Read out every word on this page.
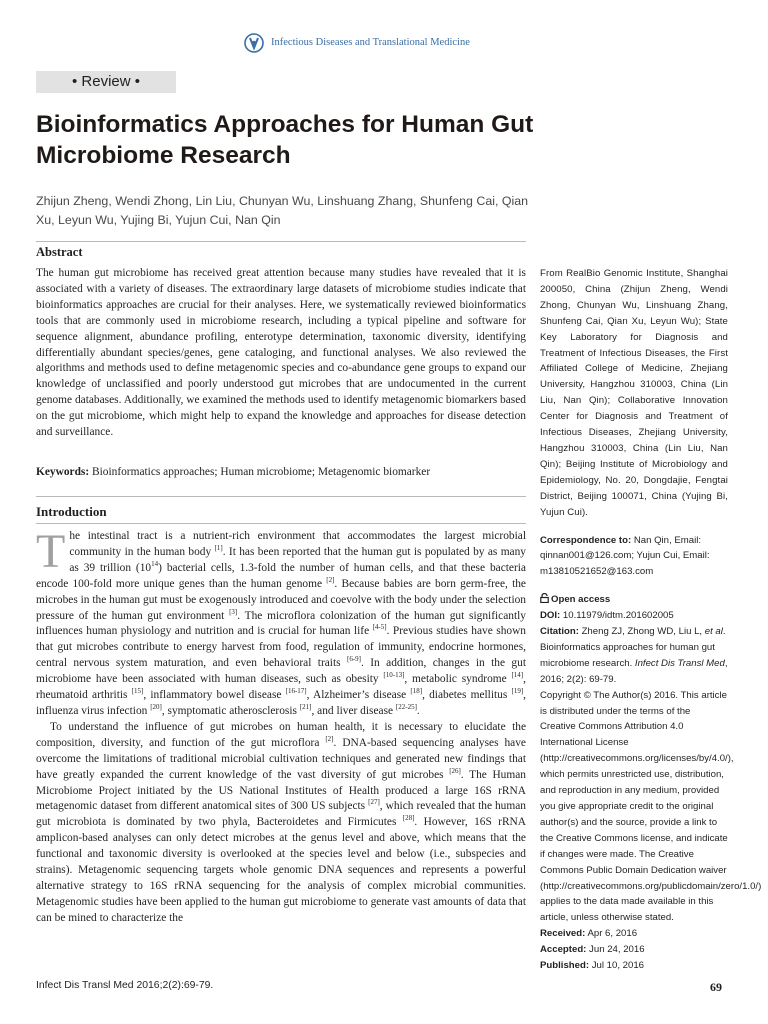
Infectious Diseases and Translational Medicine
• Review •
Bioinformatics Approaches for Human Gut Microbiome Research
Zhijun Zheng, Wendi Zhong, Lin Liu, Chunyan Wu, Linshuang Zhang, Shunfeng Cai, Qian Xu, Leyun Wu, Yujing Bi, Yujun Cui, Nan Qin
Abstract
The human gut microbiome has received great attention because many studies have revealed that it is associated with a variety of diseases. The extraordinary large datasets of microbiome studies indicate that bioinformatics approaches are crucial for their analyses. Here, we systematically reviewed bioinformatics tools that are commonly used in microbiome research, including a typical pipeline and software for sequence alignment, abundance profiling, enterotype determination, taxonomic diversity, identifying differentially abundant species/genes, gene cataloging, and functional analyses. We also reviewed the algorithms and methods used to define metagenomic species and co-abundance gene groups to expand our knowledge of unclassified and poorly understood gut microbes that are undocumented in the current genome databases. Additionally, we examined the methods used to identify metagenomic biomarkers based on the gut microbiome, which might help to expand the knowledge and approaches for disease detection and surveillance.
Keywords: Bioinformatics approaches; Human microbiome; Metagenomic biomarker
Introduction

The intestinal tract is a nutrient-rich environment that accommodates the largest microbial community in the human body [1]. It has been reported that the human gut is populated by as many as 39 trillion $(10^{14})$ bacterial cells, 1.3-fold the number of human cells, and that these bacteria encode 100-fold more unique genes than the human genome [2]. Because babies are born germ-free, the microbes in the human gut must be exogenously introduced and coevolve with the body under the selection pressure of the human gut environment [3]. The microflora colonization of the human gut significantly influences human physiology and nutrition and is crucial for human life [4-5]. Previous studies have shown that gut microbes contribute to energy harvest from food, regulation of immunity, endocrine hormones, central nervous system maturation, and even behavioral traits [6-9]. In addition, changes in the gut microbiome have been associated with human diseases, such as obesity [10-13], metabolic syndrome [14], rheumatoid arthritis [15], inflammatory bowel disease [16-17], Alzheimer’s disease [18], diabetes mellitus [19], influenza virus infection [20], symptomatic atherosclerosis [21], and liver disease [22-25].

To understand the influence of gut microbes on human health, it is necessary to elucidate the composition, diversity, and function of the gut microflora [2]. DNA-based sequencing analyses have overcome the limitations of traditional microbial cultivation techniques and generated new findings that have greatly expanded the current knowledge of the vast diversity of gut microbes [26]. The Human Microbiome Project initiated by the US National Institutes of Health produced a large 16S rRNA metagenomic dataset from different anatomical sites of 300 US subjects [27], which revealed that the human gut microbiota is dominated by two phyla, Bacteroidetes and Firmicutes [28]. However, 16S rRNA amplicon-based analyses can only detect microbes at the genus level and above, which means that the functional and taxonomic diversity is overlooked at the species level and below (i.e., subspecies and strains). Metagenomic sequencing targets whole genomic DNA sequences and represents a powerful alternative strategy to 16S rRNA sequencing for the analysis of complex microbial communities. Metagenomic studies have been applied to the human gut microbiome to generate vast amounts of data that can be mined to characterize the

From RealBio Genomic Institute, Shanghai 200050, China (Zhijun Zheng, Wendi Zhong, Chunyan Wu, Linshuang Zhang, Shunfeng Cai, Qian Xu, Leyun Wu); State Key Laboratory for Diagnosis and Treatment of Infectious Diseases, the First Affiliated College of Medicine, Zhejiang University, Hangzhou 310003, China (Lin Liu, Nan Qin); Collaborative Innovation Center for Diagnosis and Treatment of Infectious Diseases, Zhejiang University, Hangzhou 310003, China (Lin Liu, Nan Qin); Beijing Institute of Microbiology and Epidemiology, No. 20, Dongdajie, Fengtai District, Beijing 100071, China (Yujing Bi, Yujun Cui).

Correspondence to: Nan Qin, Email: qinnan001@126.com; Yujun Cui, Email: m13810521652@163.com

Open access

DOI: 10.11979/idtm.201602005

Citation: Zheng ZJ, Zhong WD, Liu L, et al. Bioinformatics approaches for human gut microbiome research. Infect Dis Transl Med, 2016; 2(2): 69-79.

Copyright © The Author(s) 2016. This article is distributed under the terms of the Creative Commons Attribution 4.0 International License (http://creativecommons.org/licenses/by/4.0/), which permits unrestricted use, distribution, and reproduction in any medium, provided you give appropriate credit to the original author(s) and the source, provide a link to the Creative Commons license, and indicate if changes were made. The Creative Commons Public Domain Dedication waiver (http://creativecommons.org/publicdomain/zero/1.0/) applies to the data made available in this article, unless otherwise stated.

Received: Apr 6, 2016

Accepted: Jun 24, 2016

Published: Jul 10, 2016

Infect Dis Transl Med 2016;2(2):69-79.	69
